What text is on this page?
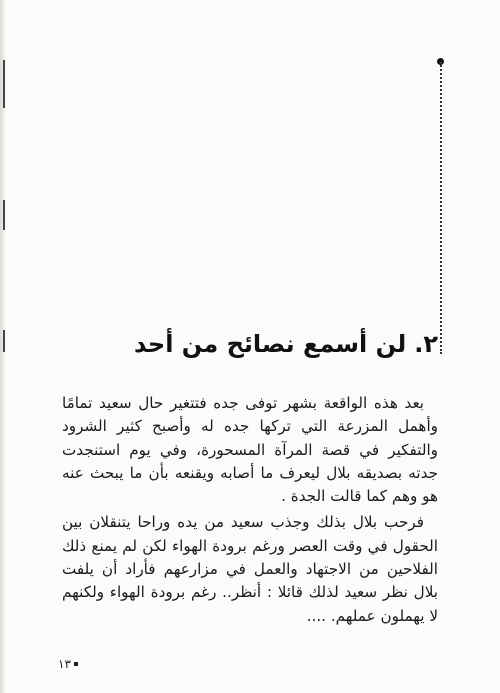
٢.
لن أسمع نصائح من أحد

بعد هذه الواقعة بشهر توفى جده فتتغير حال سعيد تمامًا وأهمل المزرعة التي تركها جده له وأصبح كثير الشرود والتفكير في قصة المرآة المسحورة، وفي يوم استنجدت جدته بصديقه بلال ليعرف ما أصابه ويقنعه بأن ما يبحث عنه هو وهم كما قالت الجدة .

فرحب بلال بذلك وجذب سعيد من يده وراحا يتنقلان بين الحقول في وقت العصر ورغم برودة الهواء لكن لم يمنع ذلك الفلاحين من الاجتهاد والعمل في مزارعهم فأراد أن يلفت بلال نظر سعيد لذلك قائلا : أنظر.. رغم برودة الهواء ولكنهم لا يهملون عملهم. ....

١٣
